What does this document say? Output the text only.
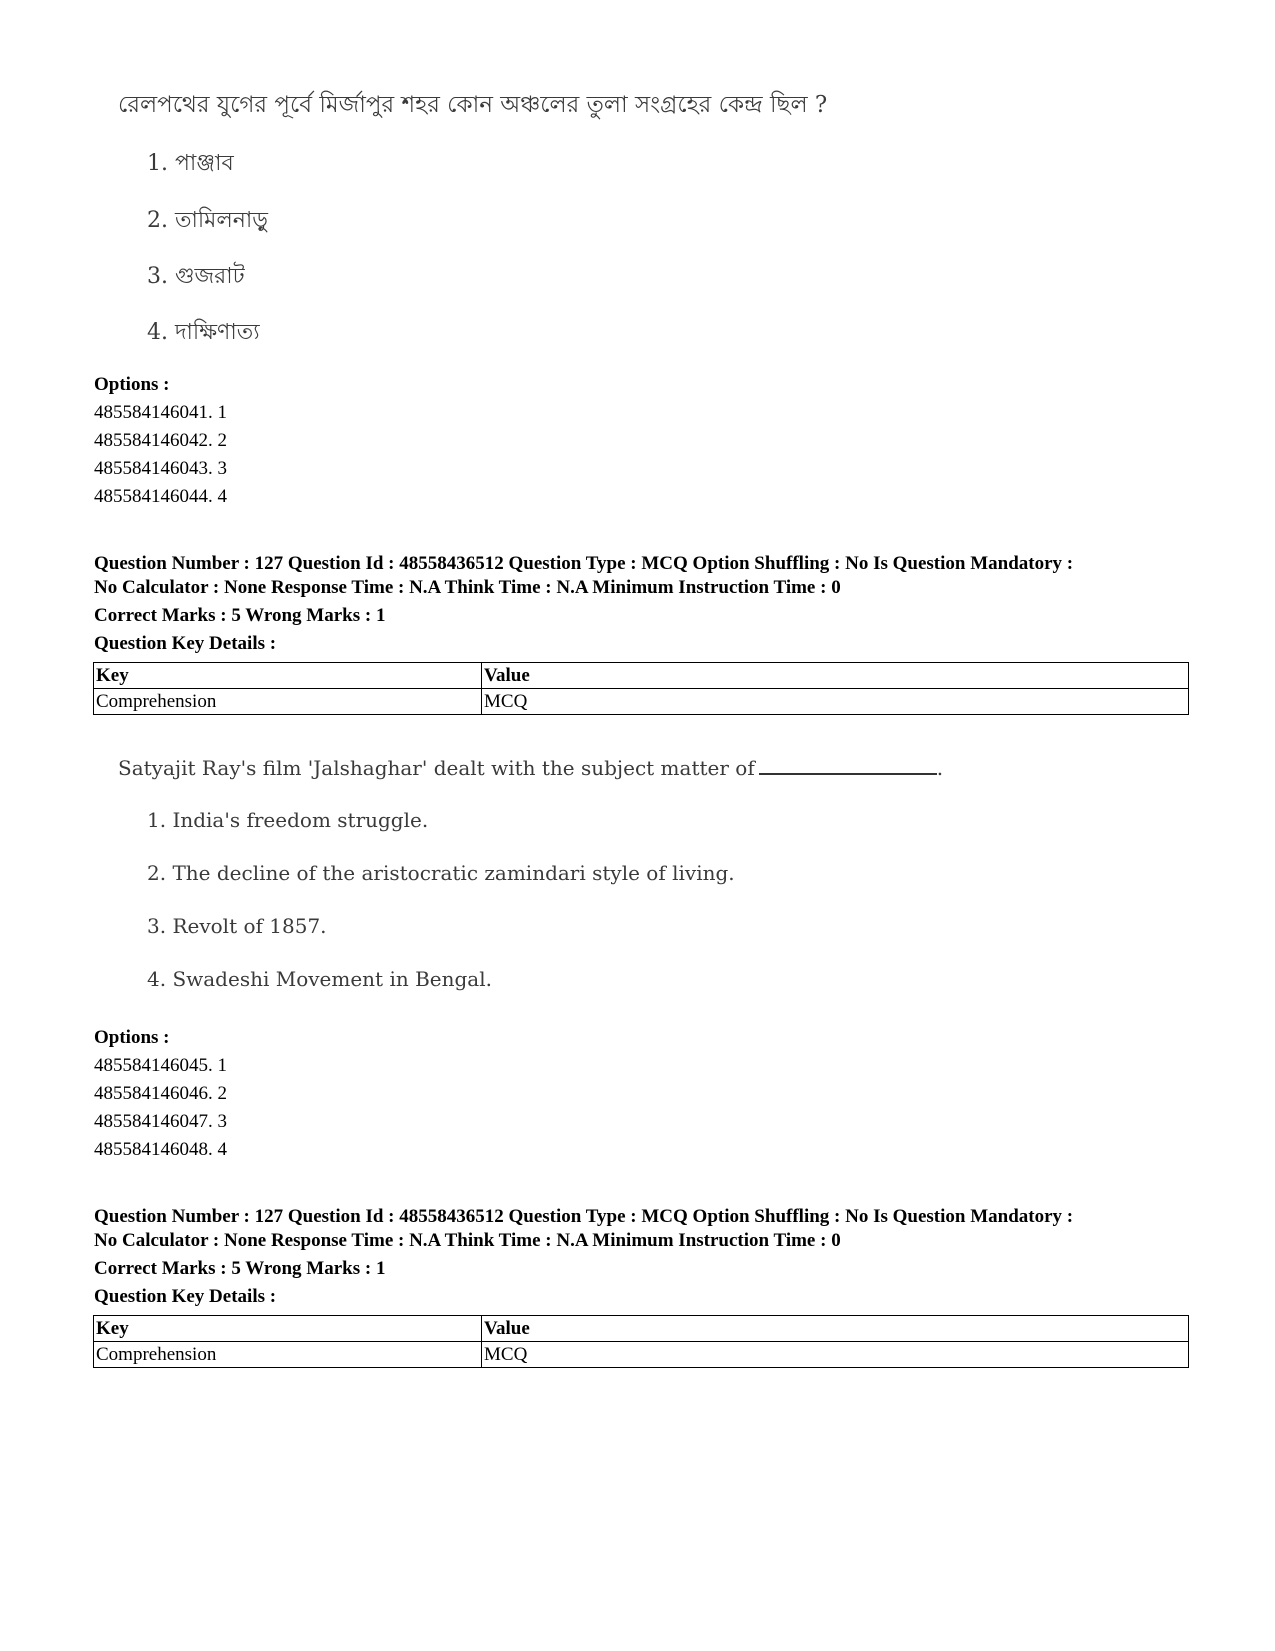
রেলপথের যুগের পূর্বে মির্জাপুর শহর কোন অঞ্চলের তুলা সংগ্রহের কেন্দ্র ছিল ?
1. পাঞ্জাব
2. তামিলনাড়ু
3. গুজরাট
4. দাক্ষিণাত্য
Options :
485584146041. 1
485584146042. 2
485584146043. 3
485584146044. 4
Question Number : 127 Question Id : 48558436512 Question Type : MCQ Option Shuffling : No Is Question Mandatory :
No Calculator : None Response Time : N.A Think Time : N.A Minimum Instruction Time : 0
Correct Marks : 5 Wrong Marks : 1
Question Key Details :
Key	Value
Comprehension	MCQ
Satyajit Ray's film 'Jalshaghar' dealt with the subject matter of	.
1. India's freedom struggle.
2. The decline of the aristocratic zamindari style of living.
3. Revolt of 1857.
4. Swadeshi Movement in Bengal.
Options :
485584146045. 1
485584146046. 2
485584146047. 3
485584146048. 4
Question Number : 127 Question Id : 48558436512 Question Type : MCQ Option Shuffling : No Is Question Mandatory :
No Calculator : None Response Time : N.A Think Time : N.A Minimum Instruction Time : 0
Correct Marks : 5 Wrong Marks : 1
Question Key Details :
Key	Value
Comprehension	MCQ
